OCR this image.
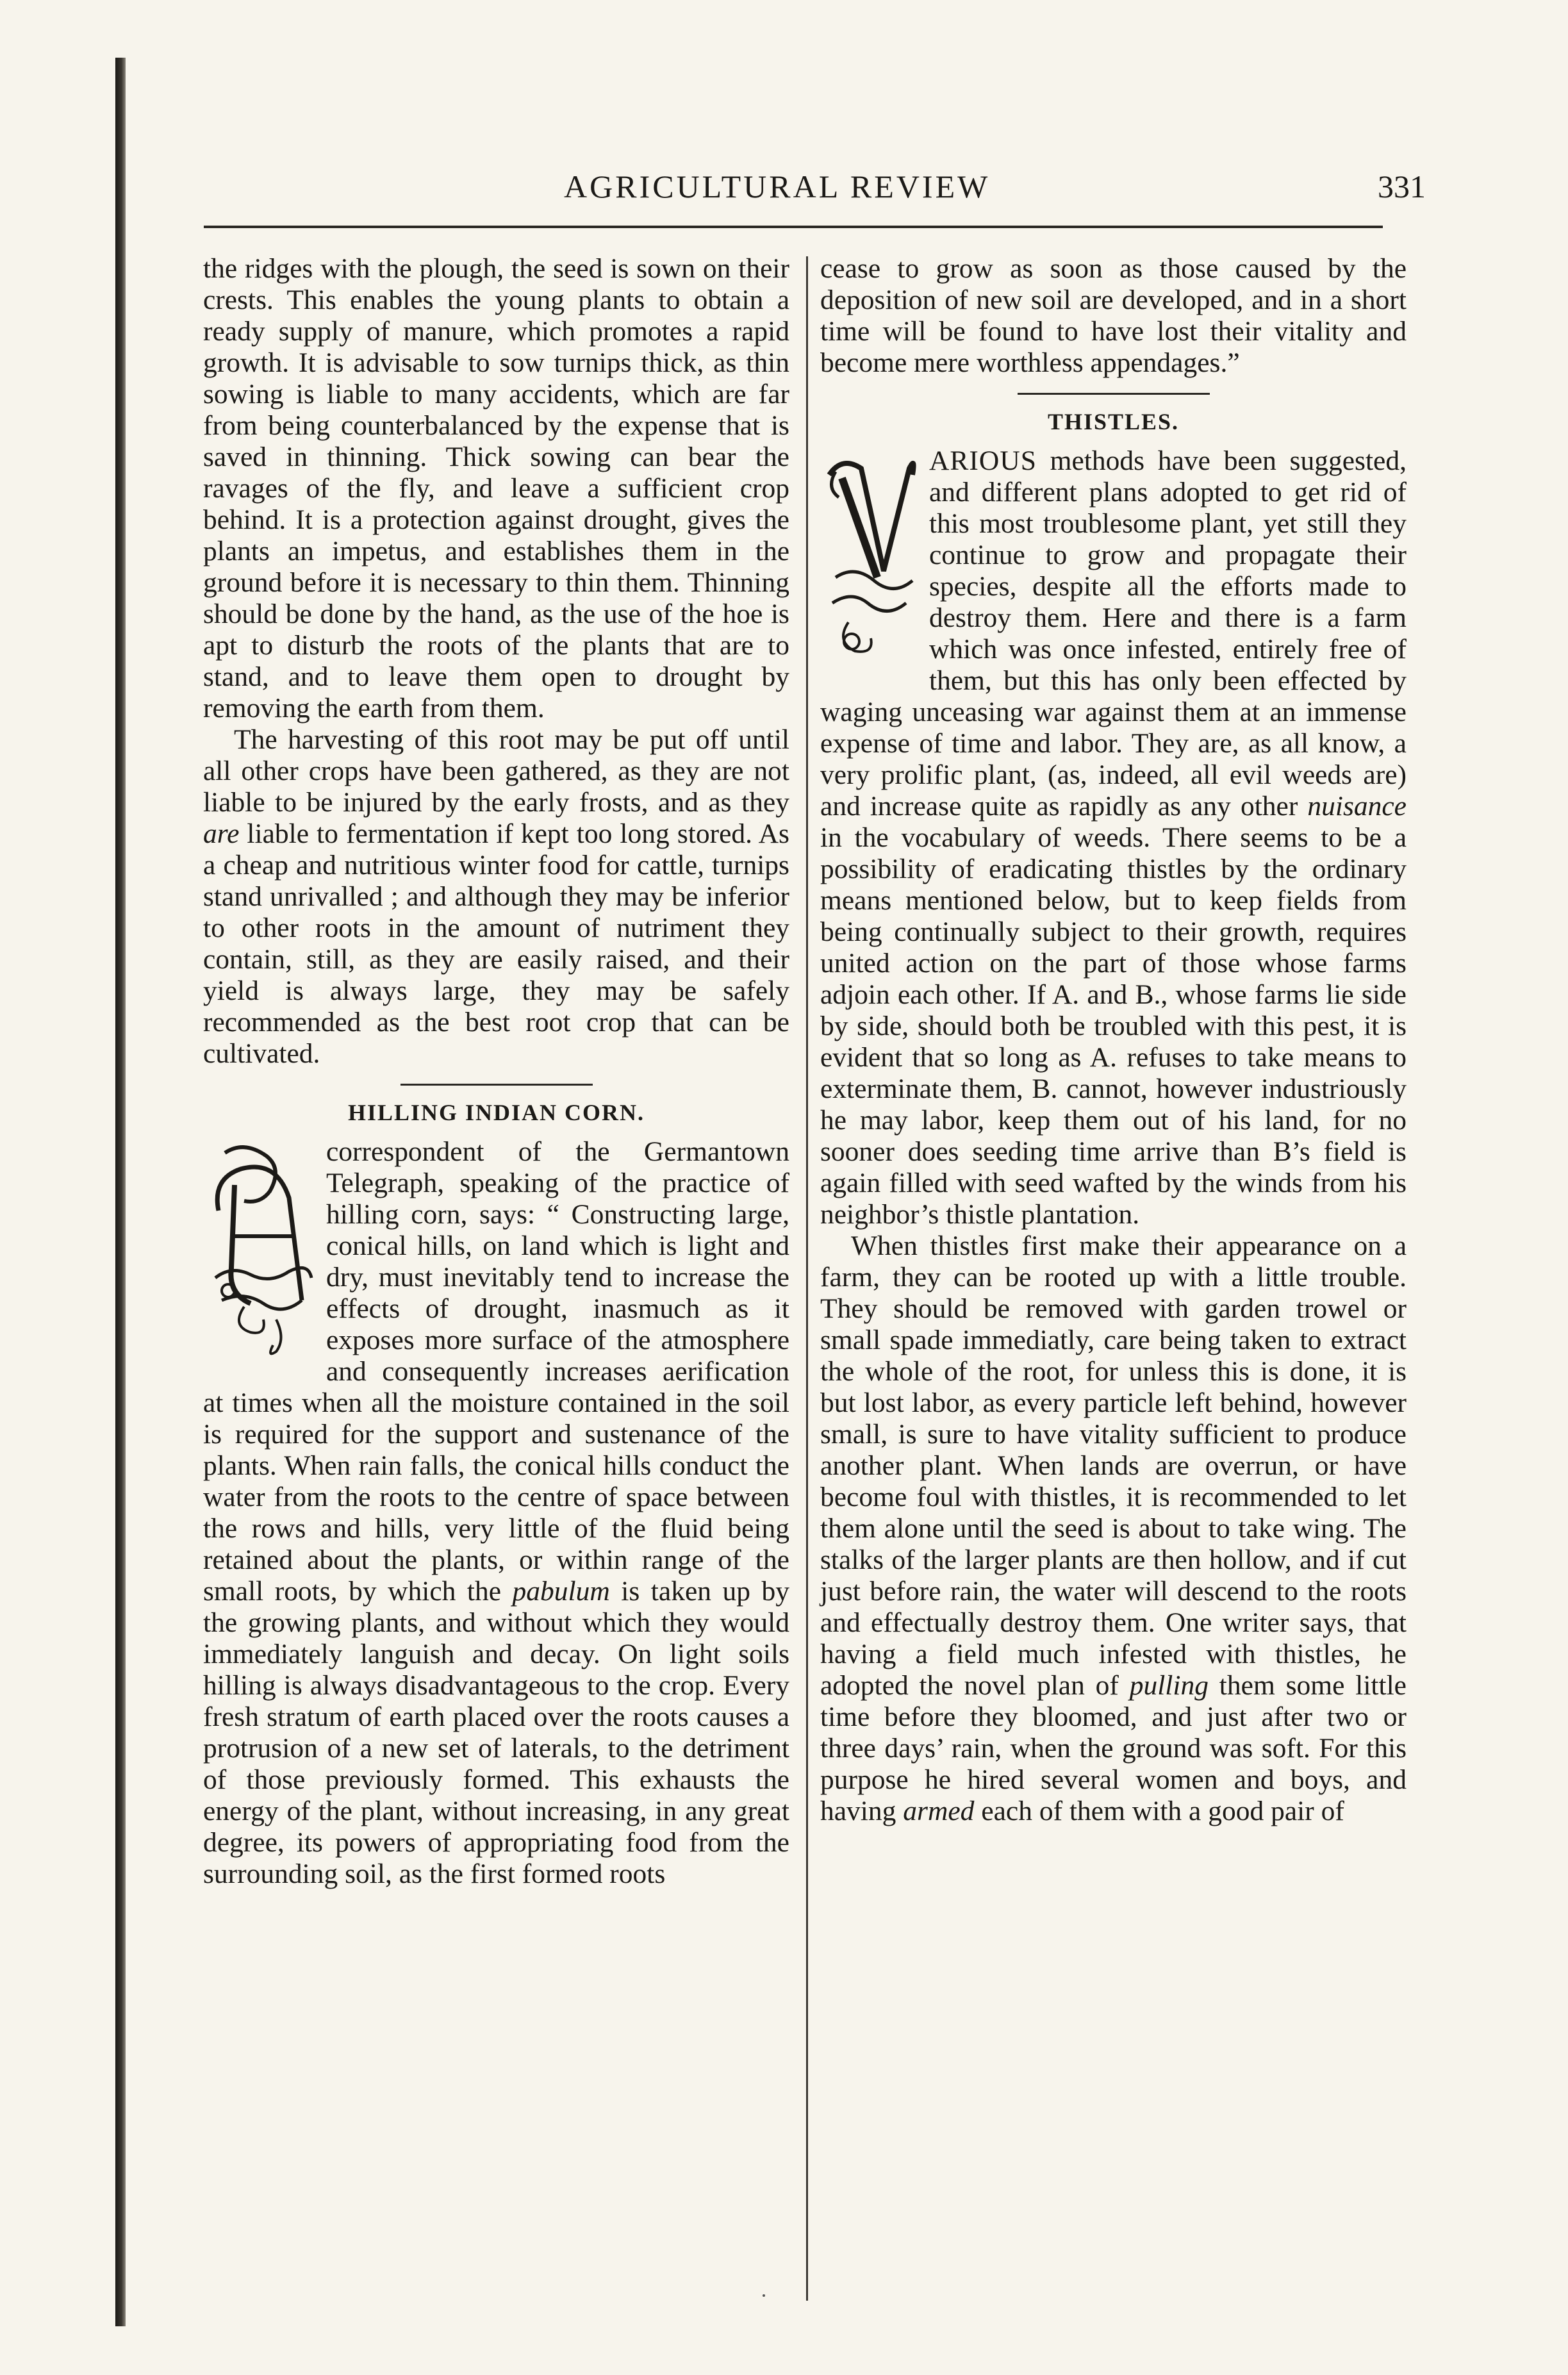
AGRICULTURAL REVIEW	331

the ridges with the plough, the seed is sown on their crests. This enables the young plants to obtain a ready supply of manure, which promotes a rapid growth. It is advisable to sow turnips thick, as thin sowing is liable to many accidents, which are far from being counterbalanced by the expense that is saved in thinning. Thick sowing can bear the ravages of the fly, and leave a sufficient crop behind. It is a protection against drought, gives the plants an impetus, and establishes them in the ground before it is necessary to thin them. Thinning should be done by the hand, as the use of the hoe is apt to disturb the roots of the plants that are to stand, and to leave them open to drought by removing the earth from them.

The harvesting of this root may be put off until all other crops have been gathered, as they are not liable to be injured by the early frosts, and as they are liable to fermentation if kept too long stored. As a cheap and nutritious winter food for cattle, turnips stand unrivalled ; and although they may be inferior to other roots in the amount of nutriment they contain, still, as they are easily raised, and their yield is always large, they may be safely recommended as the best root crop that can be cultivated.

HILLING INDIAN CORN.

correspondent of the Germantown Telegraph, speaking of the practice of hilling corn, says: “ Constructing large, conical hills, on land which is light and dry, must inevitably tend to increase the effects of drought, inasmuch as it exposes more surface of the atmosphere and consequently increases aerification at times when all the moisture contained in the soil is required for the support and sustenance of the plants. When rain falls, the conical hills conduct the water from the roots to the centre of space between the rows and hills, very little of the fluid being retained about the plants, or within range of the small roots, by which the pabulum is taken up by the growing plants, and without which they would immediately languish and decay. On light soils hilling is always disadvantageous to the crop. Every fresh stratum of earth placed over the roots causes a protrusion of a new set of laterals, to the detriment of those previously formed. This exhausts the energy of the plant, without increasing, in any great degree, its powers of appropriating food from the surrounding soil, as the first formed roots

cease to grow as soon as those caused by the deposition of new soil are developed, and in a short time will be found to have lost their vitality and become mere worthless appendages.”

THISTLES.

ARIOUS methods have been suggested, and different plans adopted to get rid of this most troublesome plant, yet still they continue to grow and propagate their species, despite all the efforts made to destroy them. Here and there is a farm which was once infested, entirely free of them, but this has only been effected by waging unceasing war against them at an immense expense of time and labor. They are, as all know, a very prolific plant, (as, indeed, all evil weeds are) and increase quite as rapidly as any other nuisance in the vocabulary of weeds. There seems to be a possibility of eradicating thistles by the ordinary means mentioned below, but to keep fields from being continually subject to their growth, requires united action on the part of those whose farms adjoin each other. If A. and B., whose farms lie side by side, should both be troubled with this pest, it is evident that so long as A. refuses to take means to exterminate them, B. cannot, however industriously he may labor, keep them out of his land, for no sooner does seeding time arrive than B’s field is again filled with seed wafted by the winds from his neighbor’s thistle plantation.

When thistles first make their appearance on a farm, they can be rooted up with a little trouble. They should be removed with garden trowel or small spade immediatly, care being taken to extract the whole of the root, for unless this is done, it is but lost labor, as every particle left behind, however small, is sure to have vitality sufficient to produce another plant. When lands are overrun, or have become foul with thistles, it is recommended to let them alone until the seed is about to take wing. The stalks of the larger plants are then hollow, and if cut just before rain, the water will descend to the roots and effectually destroy them. One writer says, that having a field much infested with thistles, he adopted the novel plan of pulling them some little time before they bloomed, and just after two or three days’ rain, when the ground was soft. For this purpose he hired several women and boys, and having armed each of them with a good pair of
